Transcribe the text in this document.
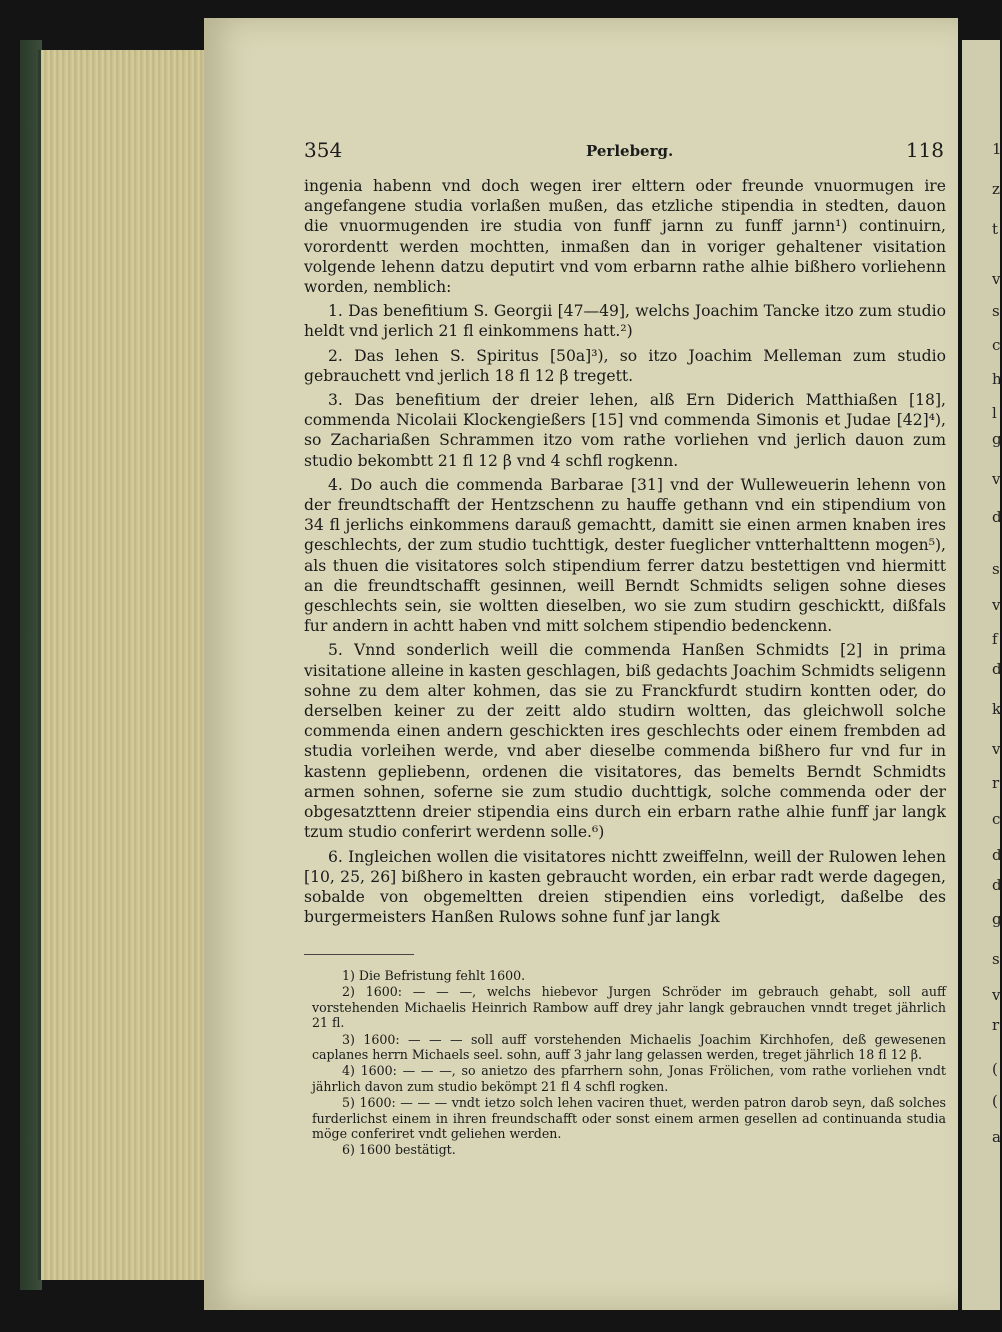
1
z
t
v
s
c
h
l
g
v
d
s
v
f
d
k
v
r
c
d
d
g
s
v
r
(
(
a
354	Perleberg.	118

ingenia habenn vnd doch wegen irer elttern oder freunde vnuormugen ire angefangene studia vorlaßen mußen, das etzliche stipendia in stedten, dauon die vnuormugenden ire studia von funff jarnn zu funff jarnn¹) continuirn, vorordentt werden mochtten, inmaßen dan in voriger gehaltener visitation volgende lehenn datzu deputirt vnd vom erbarnn rathe alhie bißhero vorliehenn worden, nemblich:

1. Das benefitium S. Georgii [47—49], welchs Joachim Tancke itzo zum studio heldt vnd jerlich 21 fl einkommens hatt.²)

2. Das lehen S. Spiritus [50a]³), so itzo Joachim Melleman zum studio gebrauchett vnd jerlich 18 fl 12 β tregett.

3. Das benefitium der dreier lehen, alß Ern Diderich Matthiaßen [18], commenda Nicolaii Klockengießers [15] vnd commenda Simonis et Judae [42]⁴), so Zachariaßen Schrammen itzo vom rathe vorliehen vnd jerlich dauon zum studio bekombtt 21 fl 12 β vnd 4 schfl rogkenn.

4. Do auch die commenda Barbarae [31] vnd der Wulleweuerin lehenn von der freundtschafft der Hentzschenn zu hauffe gethann vnd ein stipendium von 34 fl jerlichs einkommens darauß gemachtt, damitt sie einen armen knaben ires geschlechts, der zum studio tuchttigk, dester fueglicher vntterhalttenn mogen⁵), als thuen die visitatores solch stipendium ferrer datzu bestettigen vnd hiermitt an die freundtschafft gesinnen, weill Berndt Schmidts seligen sohne dieses geschlechts sein, sie woltten dieselben, wo sie zum studirn geschicktt, dißfals fur andern in achtt haben vnd mitt solchem stipendio bedenckenn.

5. Vnnd sonderlich weill die commenda Hanßen Schmidts [2] in prima visitatione alleine in kasten geschlagen, biß gedachts Joachim Schmidts seligenn sohne zu dem alter kohmen, das sie zu Franckfurdt studirn kontten oder, do derselben keiner zu der zeitt aldo studirn woltten, das gleichwoll solche commenda einen andern geschickten ires geschlechts oder einem frembden ad studia vorleihen werde, vnd aber dieselbe commenda bißhero fur vnd fur in kastenn gepliebenn, ordenen die visitatores, das bemelts Berndt Schmidts armen sohnen, soferne sie zum studio duchttigk, solche commenda oder der obgesatzttenn dreier stipendia eins durch ein erbarn rathe alhie funff jar langk tzum studio conferirt werdenn solle.⁶)

6. Ingleichen wollen die visitatores nichtt zweiffelnn, weill der Rulowen lehen [10, 25, 26] bißhero in kasten gebraucht worden, ein erbar radt werde dagegen, sobalde von obgemeltten dreien stipendien eins vorledigt, daßelbe des burgermeisters Hanßen Rulows sohne funf jar langk

1) Die Befristung fehlt 1600.

2) 1600: — — —, welchs hiebevor Jurgen Schröder im gebrauch gehabt, soll auff vorstehenden Michaelis Heinrich Rambow auff drey jahr langk gebrauchen vnndt treget jährlich 21 fl.

3) 1600: — — — soll auff vorstehenden Michaelis Joachim Kirchhofen, deß gewesenen caplanes herrn Michaels seel. sohn, auff 3 jahr lang gelassen werden, treget jährlich 18 fl 12 β.

4) 1600: — — —, so anietzo des pfarrhern sohn, Jonas Frölichen, vom rathe vorliehen vndt jährlich davon zum studio bekömpt 21 fl 4 schfl rogken.

5) 1600: — — — vndt ietzo solch lehen vaciren thuet, werden patron darob seyn, daß solches furderlichst einem in ihren freundschafft oder sonst einem armen gesellen ad continuanda studia möge conferiret vndt geliehen werden.

6) 1600 bestätigt.
